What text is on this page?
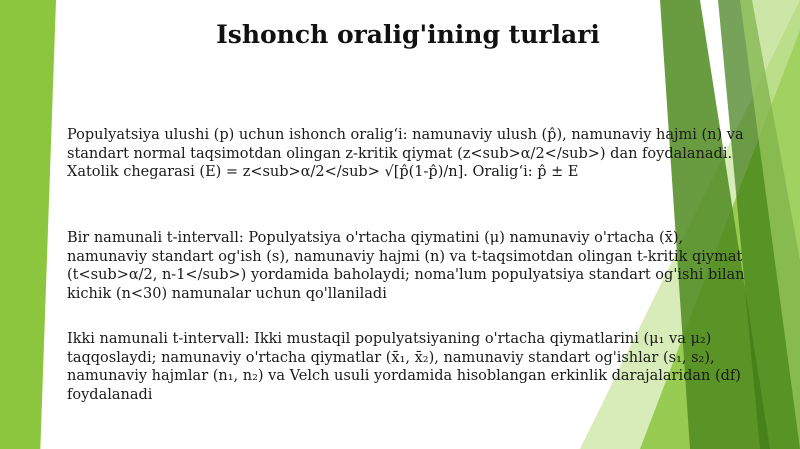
Ishonch oralig'ining turlari

Populyatsiya ulushi (p) uchun ishonch oralig‘i: namunaviy ulush (p̂), namunaviy hajmi (n) va standart normal taqsimotdan olingan z-kritik qiymat (z<sub>α/2</sub>) dan foydalanadi. Xatolik chegarasi (E) = z<sub>α/2</sub> √[p̂(1-p̂)/n]. Oralig‘i: p̂ ± E

Bir namunali t-intervall: Populyatsiya o'rtacha qiymatini (μ) namunaviy o'rtacha (x̄), namunaviy standart og'ish (s), namunaviy hajmi (n) va t-taqsimotdan olingan t-kritik qiymat (t<sub>α/2, n-1</sub>) yordamida baholaydi; noma'lum populyatsiya standart og'ishi bilan kichik (n<30) namunalar uchun qo'llaniladi

Ikki namunali t-intervall: Ikki mustaqil populyatsiyaning o'rtacha qiymatlarini (μ₁ va μ₂) taqqoslaydi; namunaviy o'rtacha qiymatlar (x̄₁, x̄₂), namunaviy standart og'ishlar (s₁, s₂), namunaviy hajmlar (n₁, n₂) va Velch usuli yordamida hisoblangan erkinlik darajalaridan (df) foydalanadi
